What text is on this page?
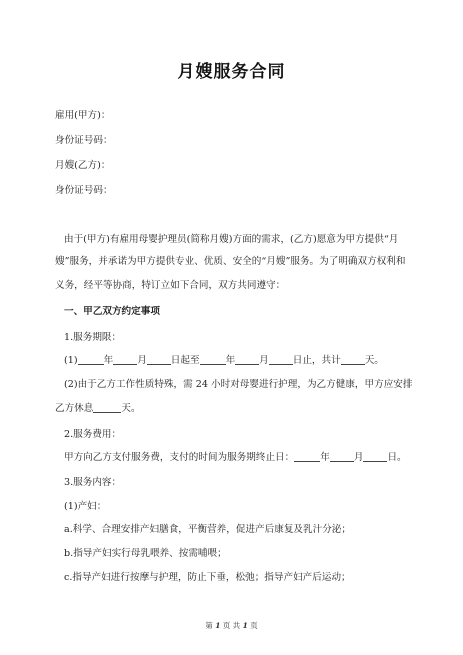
月嫂服务合同
雇用(甲方)：
身份证号码：
月嫂(乙方)：
身份证号码：
由于(甲方)有雇用母婴护理员(简称月嫂)方面的需求，(乙方)愿意为甲方提供“月
嫂”服务，并承诺为甲方提供专业、优质、安全的“月嫂”服务。为了明确双方权利和
义务，经平等协商，特订立如下合同，双方共同遵守：
一、甲乙双方约定事项
1.服务期限：
(1)	年	月	日起至	年	月	日止，共计	天。
(2)由于乙方工作性质特殊，需 24 小时对母婴进行护理，为乙方健康，甲方应安排
乙方休息	天。
2.服务费用：
甲方向乙方支付服务费，支付的时间为服务期终止日：	年	月	日。
3.服务内容：
(1)产妇：
a.科学、合理安排产妇膳食，平衡营养，促进产后康复及乳汁分泌；
b.指导产妇实行母乳喂养、按需哺喂；
c.指导产妇进行按摩与护理，防止下垂，松弛；指导产妇产后运动；
第 1 页 共 1 页
